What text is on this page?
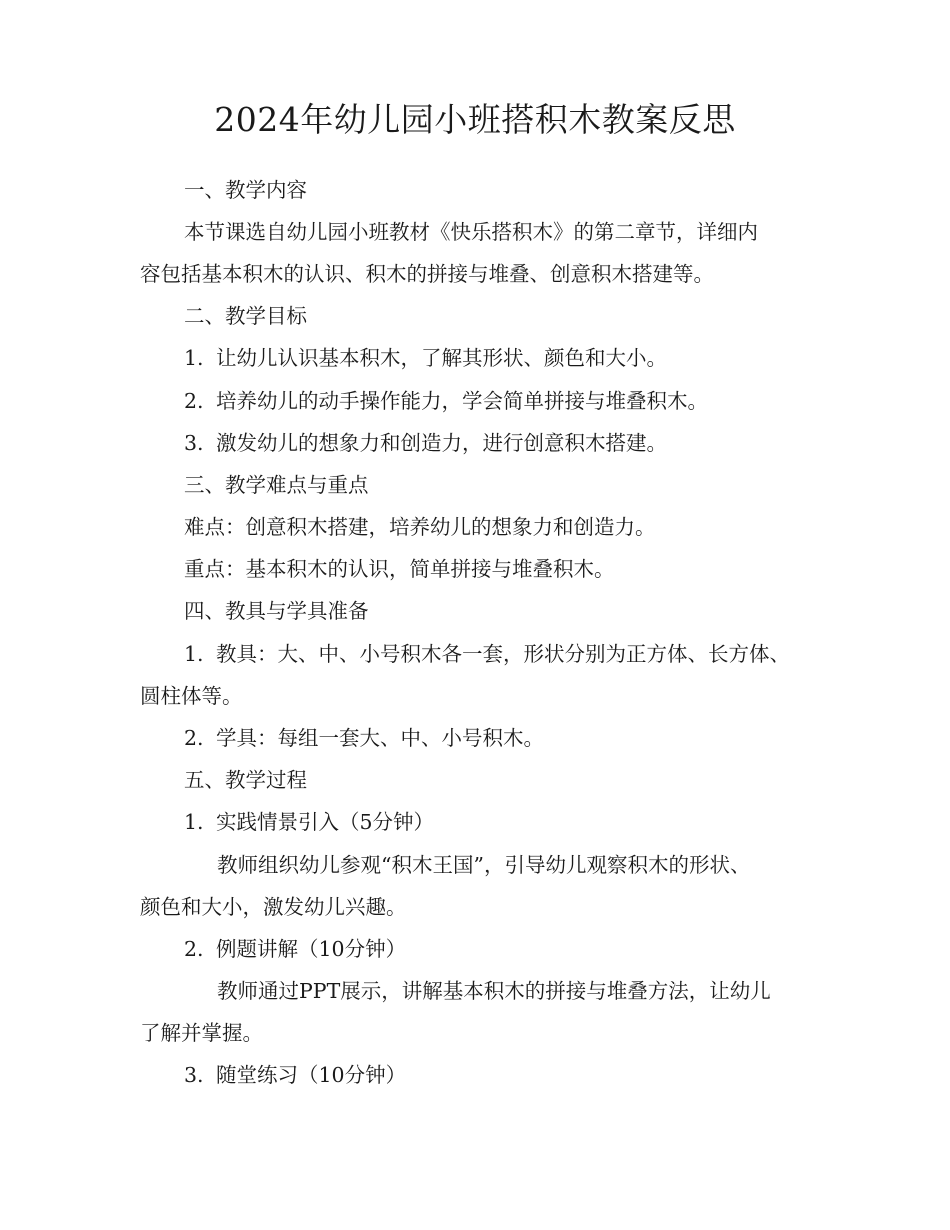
2024年幼儿园小班搭积木教案反思
一、教学内容
本节课选自幼儿园小班教材《快乐搭积木》的第二章节，详细内
容包括基本积木的认识、积木的拼接与堆叠、创意积木搭建等。
二、教学目标
1. 让幼儿认识基本积木，了解其形状、颜色和大小。
2. 培养幼儿的动手操作能力，学会简单拼接与堆叠积木。
3. 激发幼儿的想象力和创造力，进行创意积木搭建。
三、教学难点与重点
难点：创意积木搭建，培养幼儿的想象力和创造力。
重点：基本积木的认识，简单拼接与堆叠积木。
四、教具与学具准备
1. 教具：大、中、小号积木各一套，形状分别为正方体、长方体、
圆柱体等。
2. 学具：每组一套大、中、小号积木。
五、教学过程
1. 实践情景引入（5分钟）
教师组织幼儿参观“积木王国”，引导幼儿观察积木的形状、
颜色和大小，激发幼儿兴趣。
2. 例题讲解（10分钟）
教师通过PPT展示，讲解基本积木的拼接与堆叠方法，让幼儿
了解并掌握。
3. 随堂练习（10分钟）
